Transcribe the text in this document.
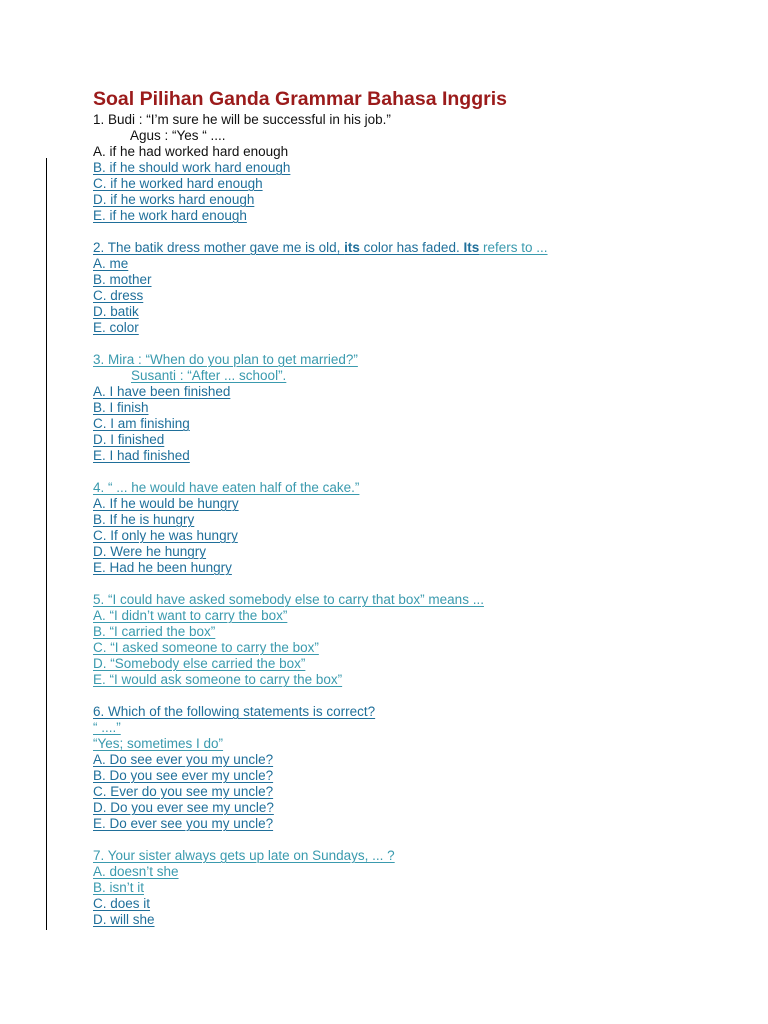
Soal Pilihan Ganda Grammar Bahasa Inggris
1. Budi : “I’m sure he will be successful in his job.”
Agus : “Yes “ ....
A. if he had worked hard enough
B. if he should work hard enough
C. if he worked hard enough
D. if he works hard enough
E. if he work hard enough
2. The batik dress mother gave me is old, its color has faded. Its refers to ...
A. me
B. mother
C. dress
D. batik
E. color
3. Mira : “When do you plan to get married?”
Susanti : “After ... school”.
A. I have been finished
B. I finish
C. I am finishing
D. I finished
E. I had finished
4. “ ... he would have eaten half of the cake.”
A. If he would be hungry
B. If he is hungry
C. If only he was hungry
D. Were he hungry
E. Had he been hungry
5. “I could have asked somebody else to carry that box” means ...
A. “I didn’t want to carry the box”
B. “I carried the box”
C. “I asked someone to carry the box”
D. “Somebody else carried the box”
E. “I would ask someone to carry the box”
6. Which of the following statements is correct?
“ ....”
“Yes; sometimes I do”
A. Do see ever you my uncle?
B. Do you see ever my uncle?
C. Ever do you see my uncle?
D. Do you ever see my uncle?
E. Do ever see you my uncle?
7. Your sister always gets up late on Sundays, ... ?
A. doesn’t she
B. isn’t it
C. does it
D. will she
